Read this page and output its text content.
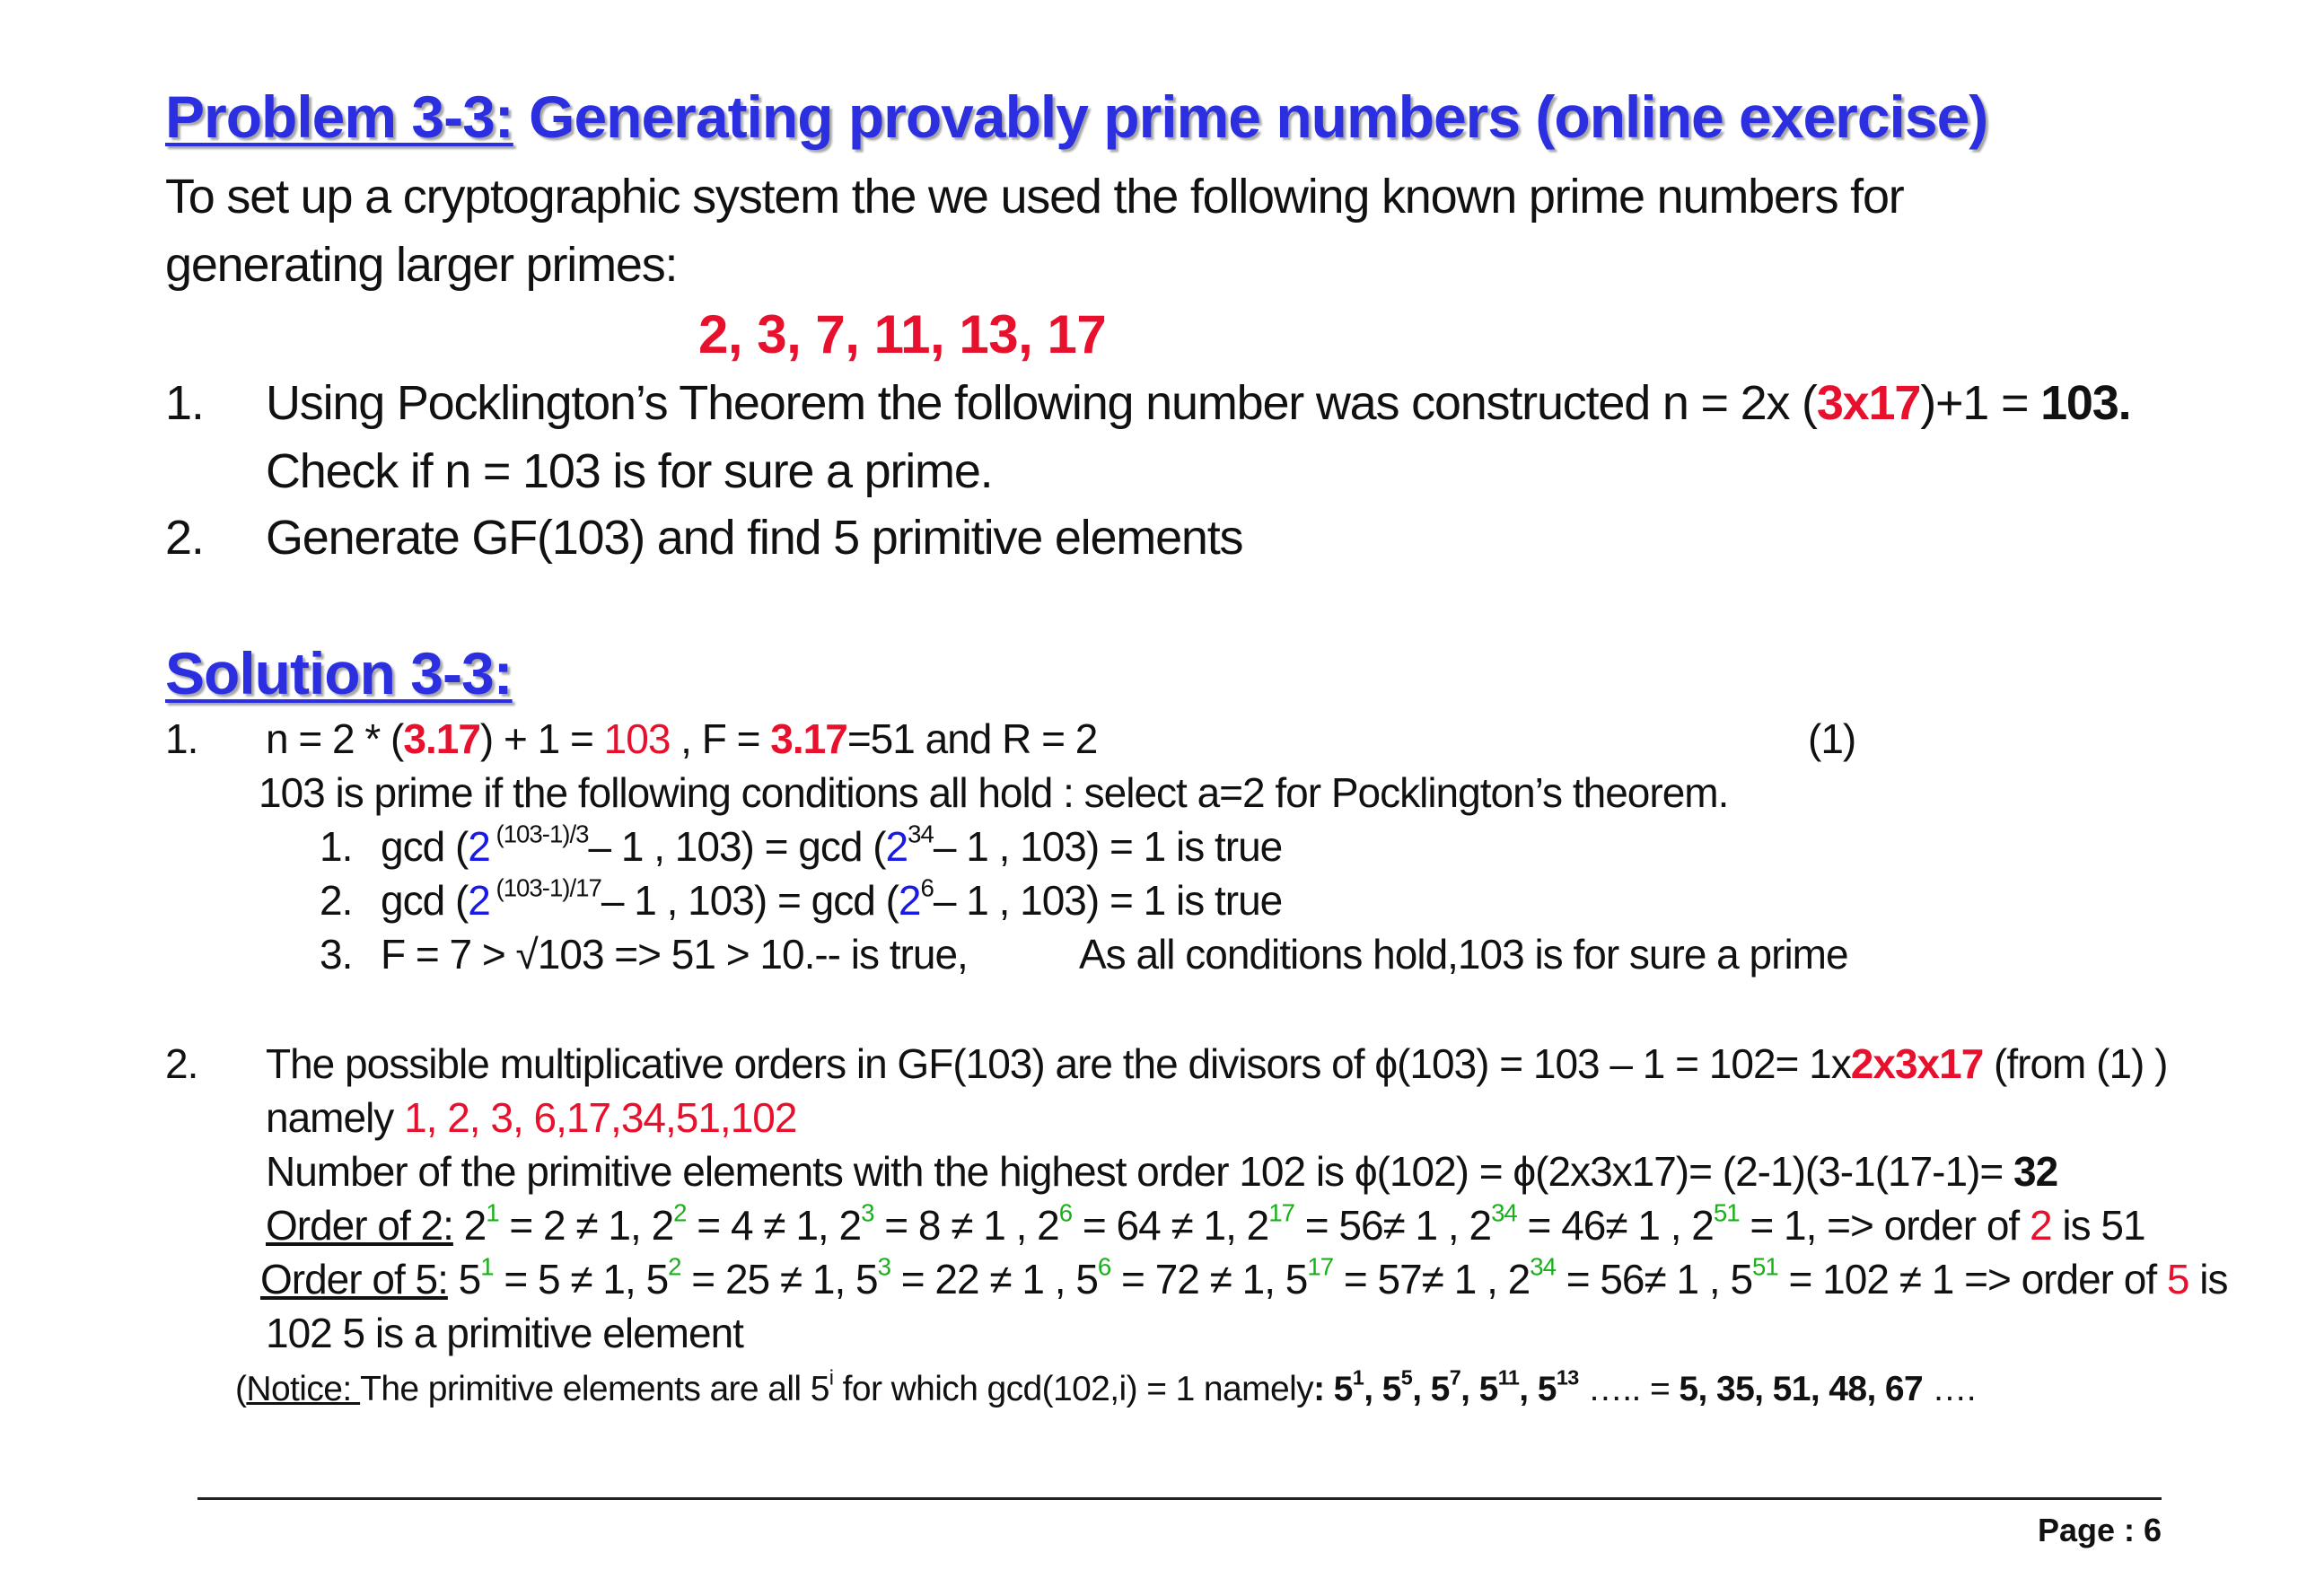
Problem 3-3: Generating provably prime numbers (online exercise)
To set up a cryptographic system the we used the following known prime numbers for
generating larger primes:
2, 3, 7, 11, 13, 17
1. Using Pocklington’s Theorem the following number was constructed n = 2x (3x17)+1 = 103.
Check if n = 103 is for sure a prime.
2. Generate GF(103) and find 5 primitive elements
Solution 3-3:
1. n = 2 * (3.17) + 1 = 103 , F = 3.17=51 and R = 2	(1)
103 is prime if the following conditions all hold : select a=2 for Pocklington’s theorem.
1. gcd (2 $^{(103-1)/3}$– 1 , $103) = \gcd (2^{34}-$ 1 , 103) = 1 is true
2. gcd (2 $^{(103-1)/17}$– 1 , $103) = \gcd (2^6-$ 1 , 103) = 1 is true
3. F = 7 > √103 => 51 > 10.-- is true,	As all conditions hold,103 is for sure a prime
2. The possible multiplicative orders in GF(103) are the divisors of ϕ(103) = 103 – 1 = 102= 1x2x3x17 (from (1) )
namely 1, 2, 3, 6,17,34,51,102
Number of the primitive elements with the highest order 102 is ϕ(102) = ϕ(2x3x17)= (2-1)(3-1(17-1)= 32
Order of 2: $2^1 = 2 \ne 1$, $2^2 = 4 \ne 1$, $2^3 = 8 \ne 1$ , $2^6 = 64 \ne 1$, $2^{17} = 56\ne 1$ , $2^{34} = 46\ne 1$ , $2^{51} = 1$, => order of 2 is 51
Order of 5: $5^1 = 5 \ne 1$, $5^2 = 25 \ne 1$, $5^3 = 22 \ne 1$ , $5^6 = 72 \ne 1$, $5^{17} = 57\ne 1$ , $2^{34} = 56\ne 1$ , $5^{51} = 102 \ne 1$ => order of 5 is
102 5 is a primitive element
(Notice: The primitive elements are all 5$^i$ for which gcd(102,i) = 1 namely: $5^1$, $5^5$, $5^7$, $5^{11}$, $5^{13}$ ….. = 5, 35, 51, 48, 67 ….
Page : 6
